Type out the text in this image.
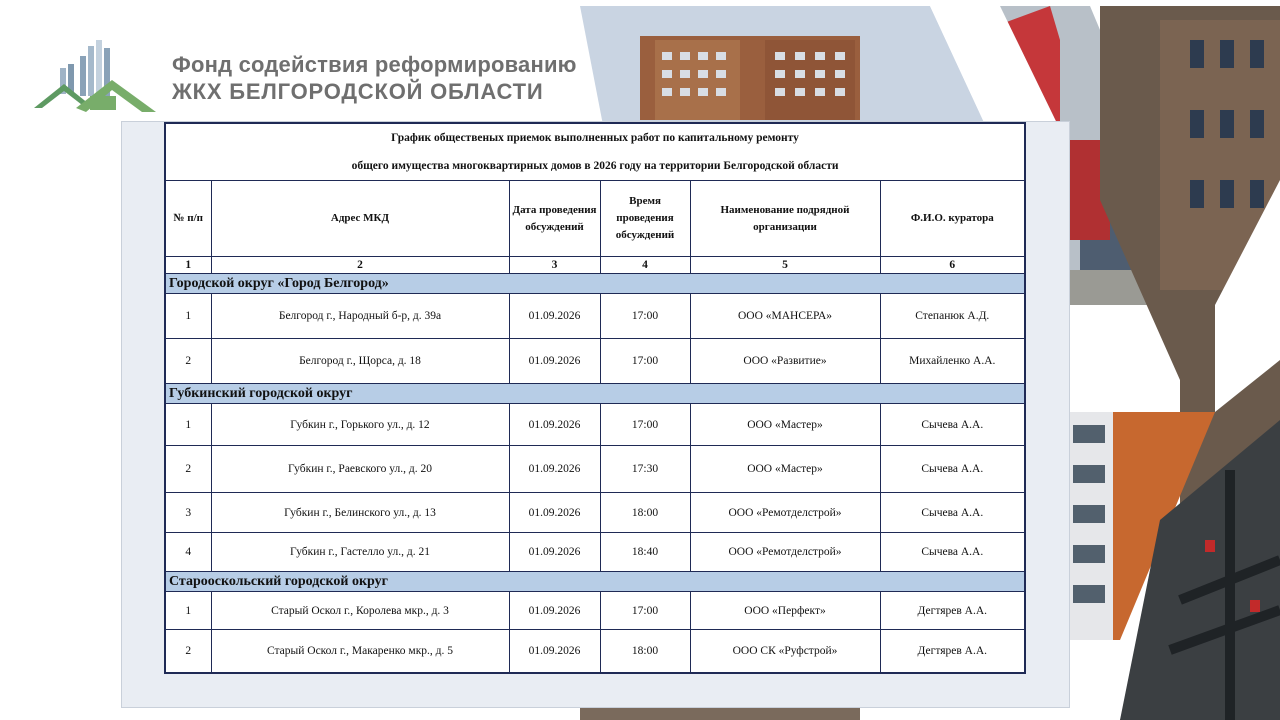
Фонд содействия реформированию
ЖКХ БЕЛГОРОДСКОЙ ОБЛАСТИ
График общественых приемок выполненных работ по капитальному ремонту
общего имущества многоквартирных домов в 2026 году на территории Белгородской области					

№ п/п	Адрес МКД	Дата проведения обсуждений	Время проведения обсуждений	Наименование подрядной организации	Ф.И.О. куратора
1	2	3	4	5	6
Городской округ «Город Белгород»					
1	Белгород г., Народный б-р, д. 39а	01.09.2026	17:00	ООО «МАНСЕРА»	Степанюк А.Д.
2	Белгород г., Щорса, д. 18	01.09.2026	17:00	ООО «Развитие»	Михайленко А.А.
Губкинский городской округ					
1	Губкин г., Горького ул., д. 12	01.09.2026	17:00	ООО «Мастер»	Сычева А.А.
2	Губкин г., Раевского ул., д. 20	01.09.2026	17:30	ООО «Мастер»	Сычева А.А.
3	Губкин г., Белинского ул., д. 13	01.09.2026	18:00	ООО «Ремотделстрой»	Сычева А.А.
4	Губкин г., Гастелло ул., д. 21	01.09.2026	18:40	ООО «Ремотделстрой»	Сычева А.А.
Старооскольский городской округ					
1	Старый Оскол г., Королева мкр., д. 3	01.09.2026	17:00	ООО «Перфект»	Дегтярев А.А.
2	Старый Оскол г., Макаренко мкр., д. 5	01.09.2026	18:00	ООО СК «Руфстрой»	Дегтярев А.А.
